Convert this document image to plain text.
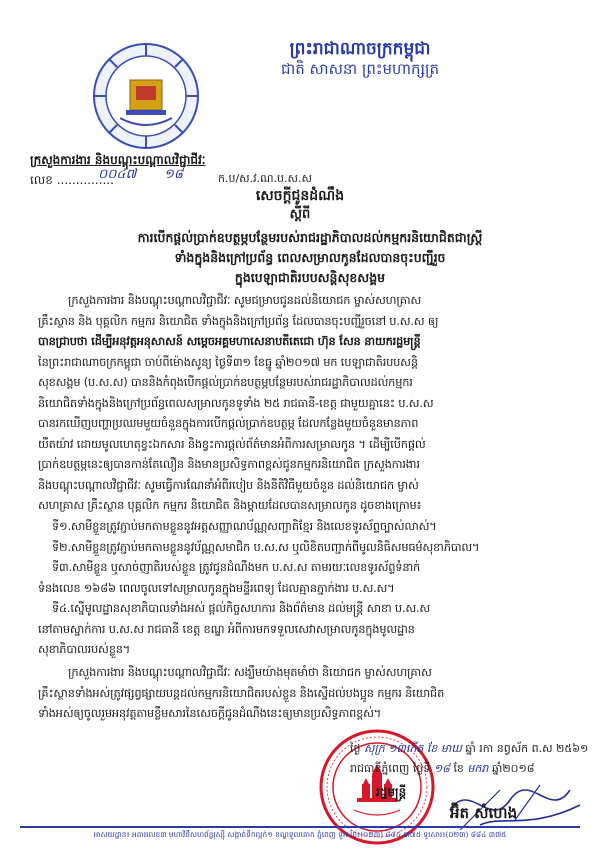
ព្រះរាជាណាចក្រកម្ពុជា
ជាតិ សាសនា ព្រះមហាក្សត្រ
ក្រសួងការងារ និងបណ្តុះបណ្តាលវិជ្ជាជីវៈ
លេខ ...............
០០៤៧ ១៨	ក.ប/ស.វ.ណ.ប.ស.ស
សេចក្តីជូនដំណឹង
ស្តីពី
ការបើកផ្តល់ប្រាក់ឧបត្ថម្ភបន្ថែមរបស់រាជរដ្ឋាភិបាលដល់កម្មករនិយោជិតជាស្ត្រី
ទាំងក្នុងនិងក្រៅប្រព័ន្ធ ពេលសម្រាលកូនដែលបានចុះបញ្ជីរួច
ក្នុងបេឡាជាតិរបបសន្តិសុខសង្គម
ក្រសួងការងារ និងបណ្តុះបណ្តាលវិជ្ជាជីវៈ សូមជម្រាបជូនដល់និយោជក ម្ចាស់សហគ្រាស
គ្រឹះស្ថាន និង បុគ្គលិក កម្មករ និយោជិត ទាំងក្នុងនិងក្រៅប្រព័ន្ធ ដែលបានចុះបញ្ជីរួចនៅ ប.ស.ស ឲ្យ
បានជ្រាបថា ដើម្បីអនុវត្តអនុសាសន៍ សម្តេចអគ្គមហាសេនាបតីតេជោ ហ៊ុន សែន នាយករដ្ឋមន្ត្រី
នៃព្រះរាជាណាចក្រកម្ពុជា ចាប់ពីម៉ោងសូន្យ ថ្ងៃទី៣១ ខែធ្នូ ឆ្នាំ២០១៧ មក បេឡាជាតិរបបសន្តិ
សុខសង្គម (ប.ស.ស) បាននិងកំពុងបើកផ្តល់ប្រាក់ឧបត្ថម្ភបន្ថែមរបស់រាជរដ្ឋាភិបាលដល់កម្មករ
និយោជិតទាំងក្នុងនិងក្រៅប្រព័ន្ធពេលសម្រាលកូនទូទាំង ២៥ រាជធានី-ខេត្ត ជាមួយគ្នានេះ ប.ស.ស
បានរកឃើញបញ្ហាប្រឈមមួយចំនួនក្នុងការបើកផ្តល់ប្រាក់ឧបត្ថម្ភ ដែលកន្លែងមួយចំនួនមានភាព
យឺតយ៉ាវ ដោយមូលហេតុខ្វះឯកសារ និងខ្វះការផ្តល់ព័ត៌មានអំពីការសម្រាលកូន ។ ដើម្បីបើកផ្តល់
ប្រាក់ឧបត្ថម្ភនេះឲ្យបានកាន់តែលឿន និងមានប្រសិទ្ធភាពខ្ពស់ជូនកម្មករនិយោជិត ក្រសួងការងារ
និងបណ្តុះបណ្តាលវិជ្ជាជីវៈ សូមធ្វើការណែនាំអំពីរបៀប និងនីតិវិធីមួយចំនួន ដល់និយោជក ម្ចាស់
សហគ្រាស គ្រឹះស្ថាន បុគ្គលិក កម្មករ និយោជិត និងម្តាយដែលបានសម្រាលកូន ដូចខាងក្រោម៖
ទី១.សាមីខ្លួនត្រូវភ្ជាប់មកតាមខ្លួននូវអត្តសញ្ញាណប័ណ្ណសញ្ជាតិខ្មែរ និងលេខទូរស័ព្ទច្បាស់លាស់។
ទី២.សាមីខ្លួនត្រូវភ្ជាប់មកតាមខ្លួននូវប័ណ្ណសមាជិក ប.ស.ស ឬលិខិតបញ្ជាក់ពីមូលនិធិសមធម៌សុខាភិបាល។
ទី៣.សាមីខ្លួន ឬសាច់ញាតិរបស់ខ្លួន ត្រូវជូនដំណឹងមក ប.ស.ស តាមរយៈលេខទូរស័ព្ទទំនាក់
ទំនងលេខ ១៦៨៦ ពេលចូលទៅសម្រាលកូនក្នុងមន្ទីរពេទ្យ ដែលគ្មានភ្នាក់ងារ ប.ស.ស។
ទី៤.ស្នើមូលដ្ឋានសុខាភិបាលទាំងអស់ ផ្តល់កិច្ចសហការ និងព័ត៌មាន ដល់មន្ត្រី សាខា ប.ស.ស
នៅតាមស្នាក់ការ ប.ស.ស រាជធានី ខេត្ត ខណ្ឌ អំពីការមកទទួលសេវាសម្រាលកូនក្នុងមូលដ្ឋាន
សុខាភិបាលរបស់ខ្លួន។
ក្រសួងការងារ និងបណ្តុះបណ្តាលវិជ្ជាជីវៈ សង្ឃឹមយ៉ាងមុតមាំថា និយោជក ម្ចាស់សហគ្រាស
គ្រឹះស្ថានទាំងអស់ត្រូវផ្សព្វផ្សាយបន្តដល់កម្មករនិយោជិតរបស់ខ្លួន និងស្នើដល់បងប្អូន កម្មករ និយោជិត
ទាំងអស់ឲ្យចូលរួមអនុវត្តតាមខ្លឹមសារនៃសេចក្តីជូនដំណឹងនេះឲ្យមានប្រសិទ្ធភាពខ្ពស់។
ថ្ងៃ សុក្រ ១៣កើត ខែ មាឃ ឆ្នាំ រកា នព្វស័ក ព.ស ២៥៦១
រាជធានីភ្នំពេញ ថ្ងៃទី ១៨ ខែ មករា ឆ្នាំ២០១៨
រដ្ឋមន្ត្រី
អ៊ិត សំហេង
អាសយដ្ឋាន៖ អគារលេខ៣ មហាវិថីសហព័ន្ធរុស្ស៊ី សង្កាត់ទឹកល្អក់១ ខណ្ឌទួលគោក ភ្នំពេញ ទូរស័ព្ទ៖(០២៣) ៨៨៤ ៣៧៥ ទូរសារ៖(០២៣) ៨៨៤ ៣៧៥
